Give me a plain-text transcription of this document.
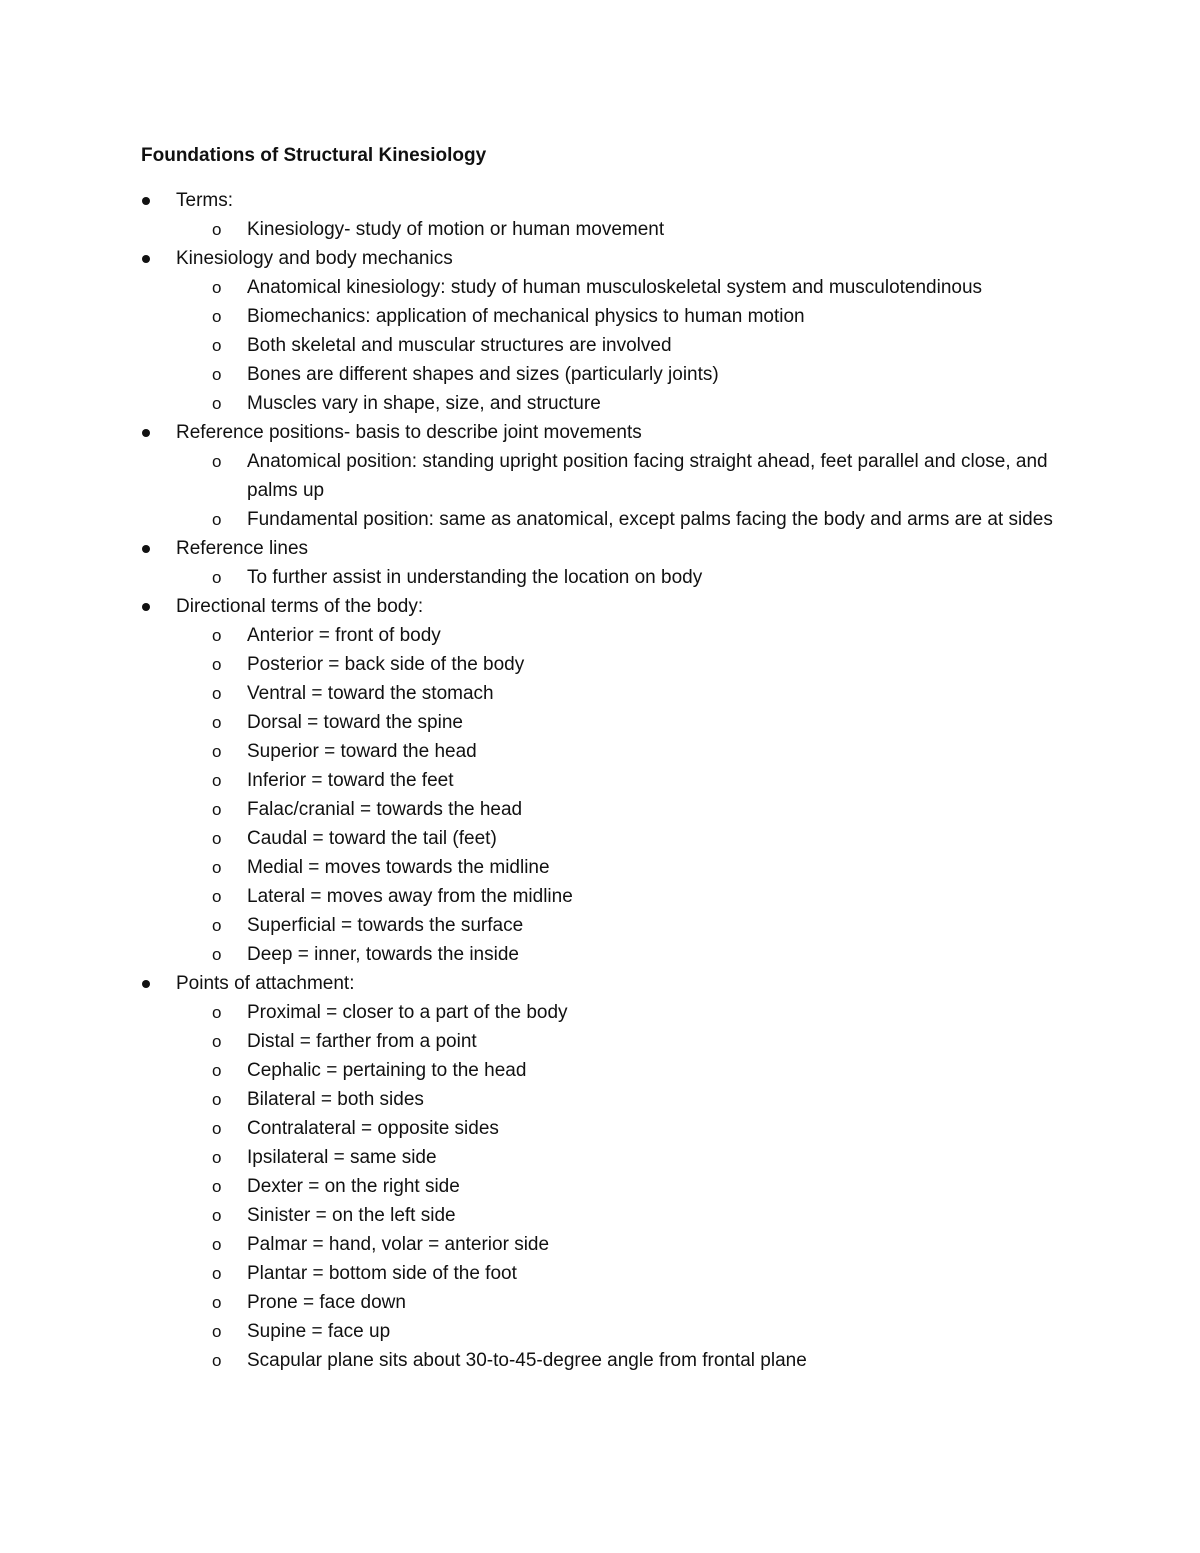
Foundations of Structural Kinesiology
Terms:
o Kinesiology- study of motion or human movement
Kinesiology and body mechanics
o Anatomical kinesiology: study of human musculoskeletal system and musculotendinous
o Biomechanics: application of mechanical physics to human motion
o Both skeletal and muscular structures are involved
o Bones are different shapes and sizes (particularly joints)
o Muscles vary in shape, size, and structure
Reference positions- basis to describe joint movements
o Anatomical position: standing upright position facing straight ahead, feet parallel and close, and palms up
o Fundamental position: same as anatomical, except palms facing the body and arms are at sides
Reference lines
o To further assist in understanding the location on body
Directional terms of the body:
o Anterior = front of body
o Posterior = back side of the body
o Ventral = toward the stomach
o Dorsal = toward the spine
o Superior = toward the head
o Inferior = toward the feet
o Falac/cranial = towards the head
o Caudal = toward the tail (feet)
o Medial = moves towards the midline
o Lateral = moves away from the midline
o Superficial = towards the surface
o Deep = inner, towards the inside
Points of attachment:
o Proximal = closer to a part of the body
o Distal = farther from a point
o Cephalic = pertaining to the head
o Bilateral = both sides
o Contralateral = opposite sides
o Ipsilateral = same side
o Dexter = on the right side
o Sinister = on the left side
o Palmar = hand, volar = anterior side
o Plantar = bottom side of the foot
o Prone = face down
o Supine = face up
o Scapular plane sits about 30-to-45-degree angle from frontal plane
